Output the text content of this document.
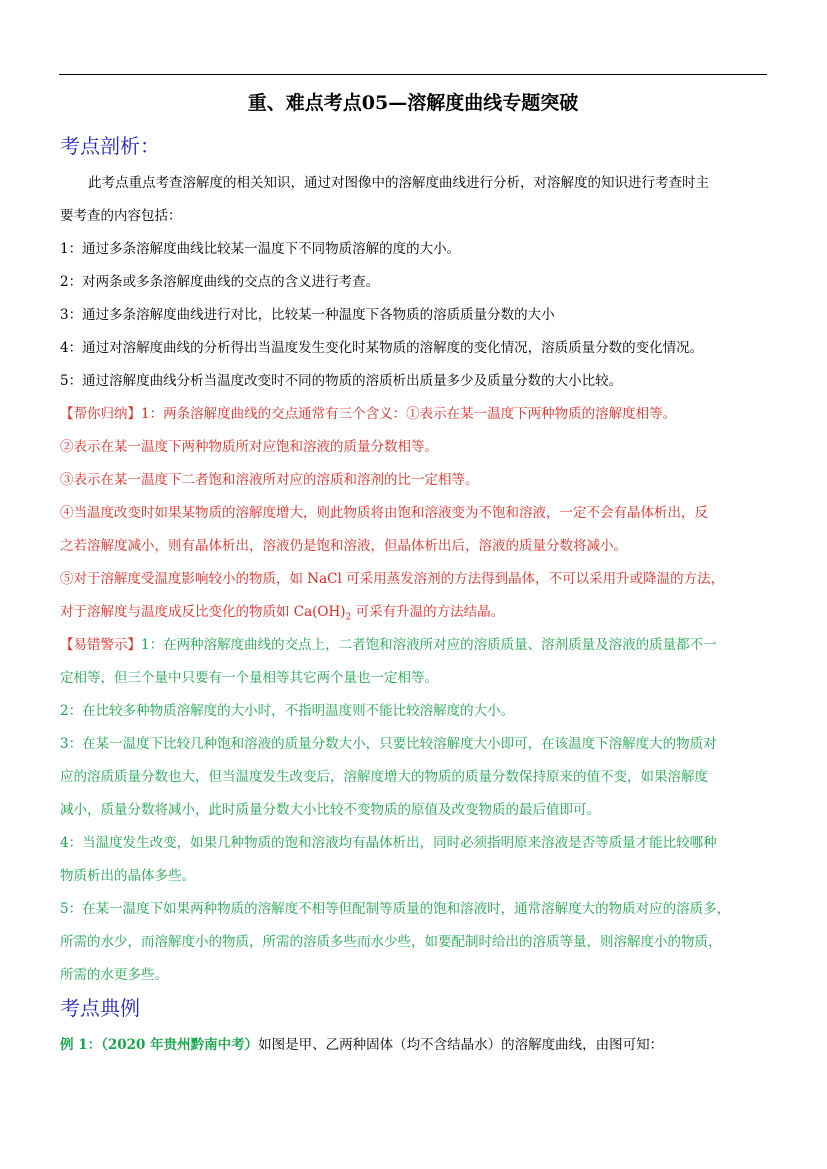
重、难点考点05—溶解度曲线专题突破
考点剖析：
此考点重点考查溶解度的相关知识，通过对图像中的溶解度曲线进行分析，对溶解度的知识进行考查时主
要考查的内容包括：
1：通过多条溶解度曲线比较某一温度下不同物质溶解的度的大小。
2：对两条或多条溶解度曲线的交点的含义进行考查。
3：通过多条溶解度曲线进行对比，比较某一种温度下各物质的溶质质量分数的大小
4：通过对溶解度曲线的分析得出当温度发生变化时某物质的溶解度的变化情况，溶质质量分数的变化情况。
5：通过溶解度曲线分析当温度改变时不同的物质的溶质析出质量多少及质量分数的大小比较。
【帮你归纳】1：两条溶解度曲线的交点通常有三个含义：①表示在某一温度下两种物质的溶解度相等。
②表示在某一温度下两种物质所对应饱和溶液的质量分数相等。
③表示在某一温度下二者饱和溶液所对应的溶质和溶剂的比一定相等。
④当温度改变时如果某物质的溶解度增大，则此物质将由饱和溶液变为不饱和溶液，一定不会有晶体析出，反
之若溶解度减小，则有晶体析出，溶液仍是饱和溶液，但晶体析出后，溶液的质量分数将减小。
⑤对于溶解度受温度影响较小的物质，如 NaCl 可采用蒸发溶剂的方法得到晶体，不可以采用升或降温的方法，
对于溶解度与温度成反比变化的物质如 $Ca(OH)_2$ 可采有升温的方法结晶。
【易错警示】1：在两种溶解度曲线的交点上，二者饱和溶液所对应的溶质质量、溶剂质量及溶液的质量都不一
定相等，但三个量中只要有一个量相等其它两个量也一定相等。
2：在比较多种物质溶解度的大小时，不指明温度则不能比较溶解度的大小。
3：在某一温度下比较几种饱和溶液的质量分数大小，只要比较溶解度大小即可，在该温度下溶解度大的物质对
应的溶质质量分数也大，但当温度发生改变后，溶解度增大的物质的质量分数保持原来的值不变，如果溶解度
减小，质量分数将减小，此时质量分数大小比较不变物质的原值及改变物质的最后值即可。
4：当温度发生改变，如果几种物质的饱和溶液均有晶体析出，同时必须指明原来溶液是否等质量才能比较哪种
物质析出的晶体多些。
5：在某一温度下如果两种物质的溶解度不相等但配制等质量的饱和溶液时，通常溶解度大的物质对应的溶质多，
所需的水少，而溶解度小的物质，所需的溶质多些而水少些，如要配制时给出的溶质等量，则溶解度小的物质，
所需的水更多些。
考点典例
例 1：（2020 年贵州黔南中考）如图是甲、乙两种固体（均不含结晶水）的溶解度曲线，由图可知：
